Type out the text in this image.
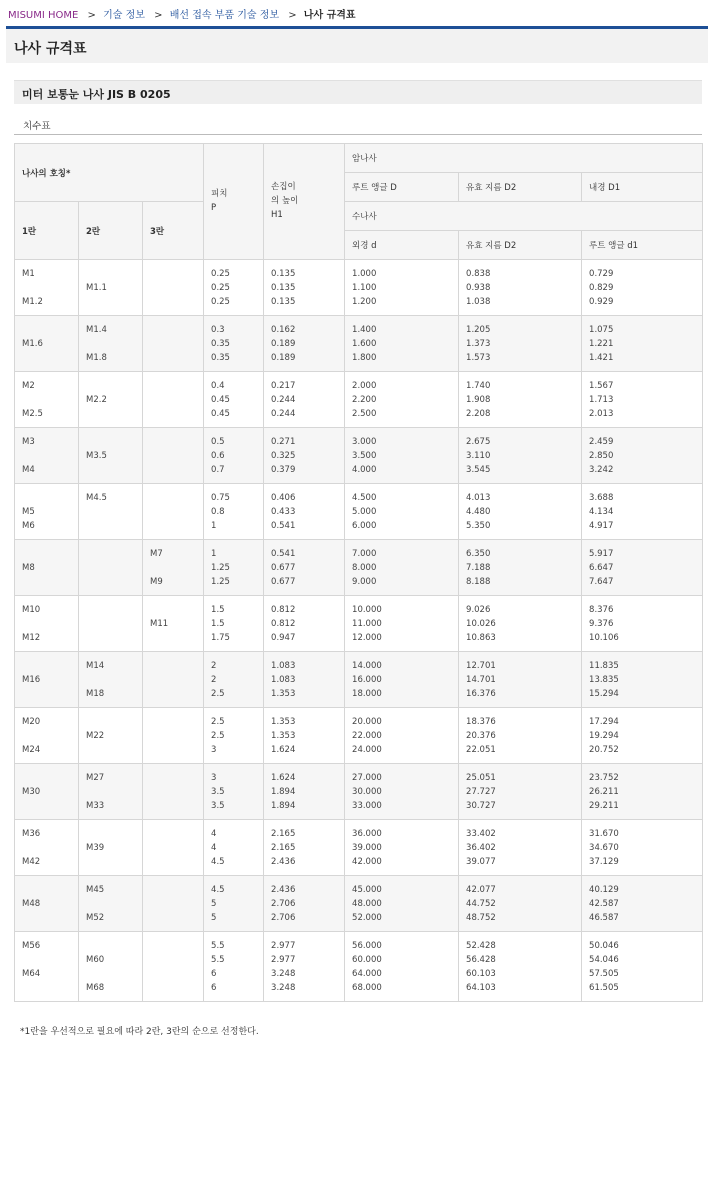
MISUMI HOME > 기술 정보 > 배선 접속 부품 기술 정보 > 나사 규격표
나사 규격표
미터 보통눈 나사 JIS B 0205
치수표
나사의 호칭*			피치
P	손집이
의 높이
H1	암나사		
					루트 앵글 D	유효 지름 D2	내경 D1
1란	2란	3란			수나사		
					외경 d	유효 지름 D2	루트 앵글 d1

M1
M1.2	M1.1		0.25
0.25
0.25	0.135
0.135
0.135	1.000
1.100
1.200	0.838
0.938
1.038	0.729
0.829
0.929

M1.6	M1.4
M1.8		0.3
0.35
0.35	0.162
0.189
0.189	1.400
1.600
1.800	1.205
1.373
1.573	1.075
1.221
1.421

M2
M2.5	M2.2		0.4
0.45
0.45	0.217
0.244
0.244	2.000
2.200
2.500	1.740
1.908
2.208	1.567
1.713
2.013

M3
M4	M3.5		0.5
0.6
0.7	0.271
0.325
0.379	3.000
3.500
4.000	2.675
3.110
3.545	2.459
2.850
3.242

M5
M6	M4.5		0.75
0.8
1	0.406
0.433
0.541	4.500
5.000
6.000	4.013
4.480
5.350	3.688
4.134
4.917

M8		M7
M9	1
1.25
1.25	0.541
0.677
0.677	7.000
8.000
9.000	6.350
7.188
8.188	5.917
6.647
7.647

M10
M12		M11	1.5
1.5
1.75	0.812
0.812
0.947	10.000
11.000
12.000	9.026
10.026
10.863	8.376
9.376
10.106

M16	M14
M18		2
2
2.5	1.083
1.083
1.353	14.000
16.000
18.000	12.701
14.701
16.376	11.835
13.835
15.294

M20
M24	M22		2.5
2.5
3	1.353
1.353
1.624	20.000
22.000
24.000	18.376
20.376
22.051	17.294
19.294
20.752

M30	M27
M33		3
3.5
3.5	1.624
1.894
1.894	27.000
30.000
33.000	25.051
27.727
30.727	23.752
26.211
29.211

M36
M42	M39		4
4
4.5	2.165
2.165
2.436	36.000
39.000
42.000	33.402
36.402
39.077	31.670
34.670
37.129

M48	M45
M52		4.5
5
5	2.436
2.706
2.706	45.000
48.000
52.000	42.077
44.752
48.752	40.129
42.587
46.587

M56
M64	M60
M68		5.5
5.5
6
6	2.977
2.977
3.248
3.248	56.000
60.000
64.000
68.000	52.428
56.428
60.103
64.103	50.046
54.046
57.505
61.505
*1란을 우선적으로 필요에 따라 2란, 3란의 순으로 선정한다.
